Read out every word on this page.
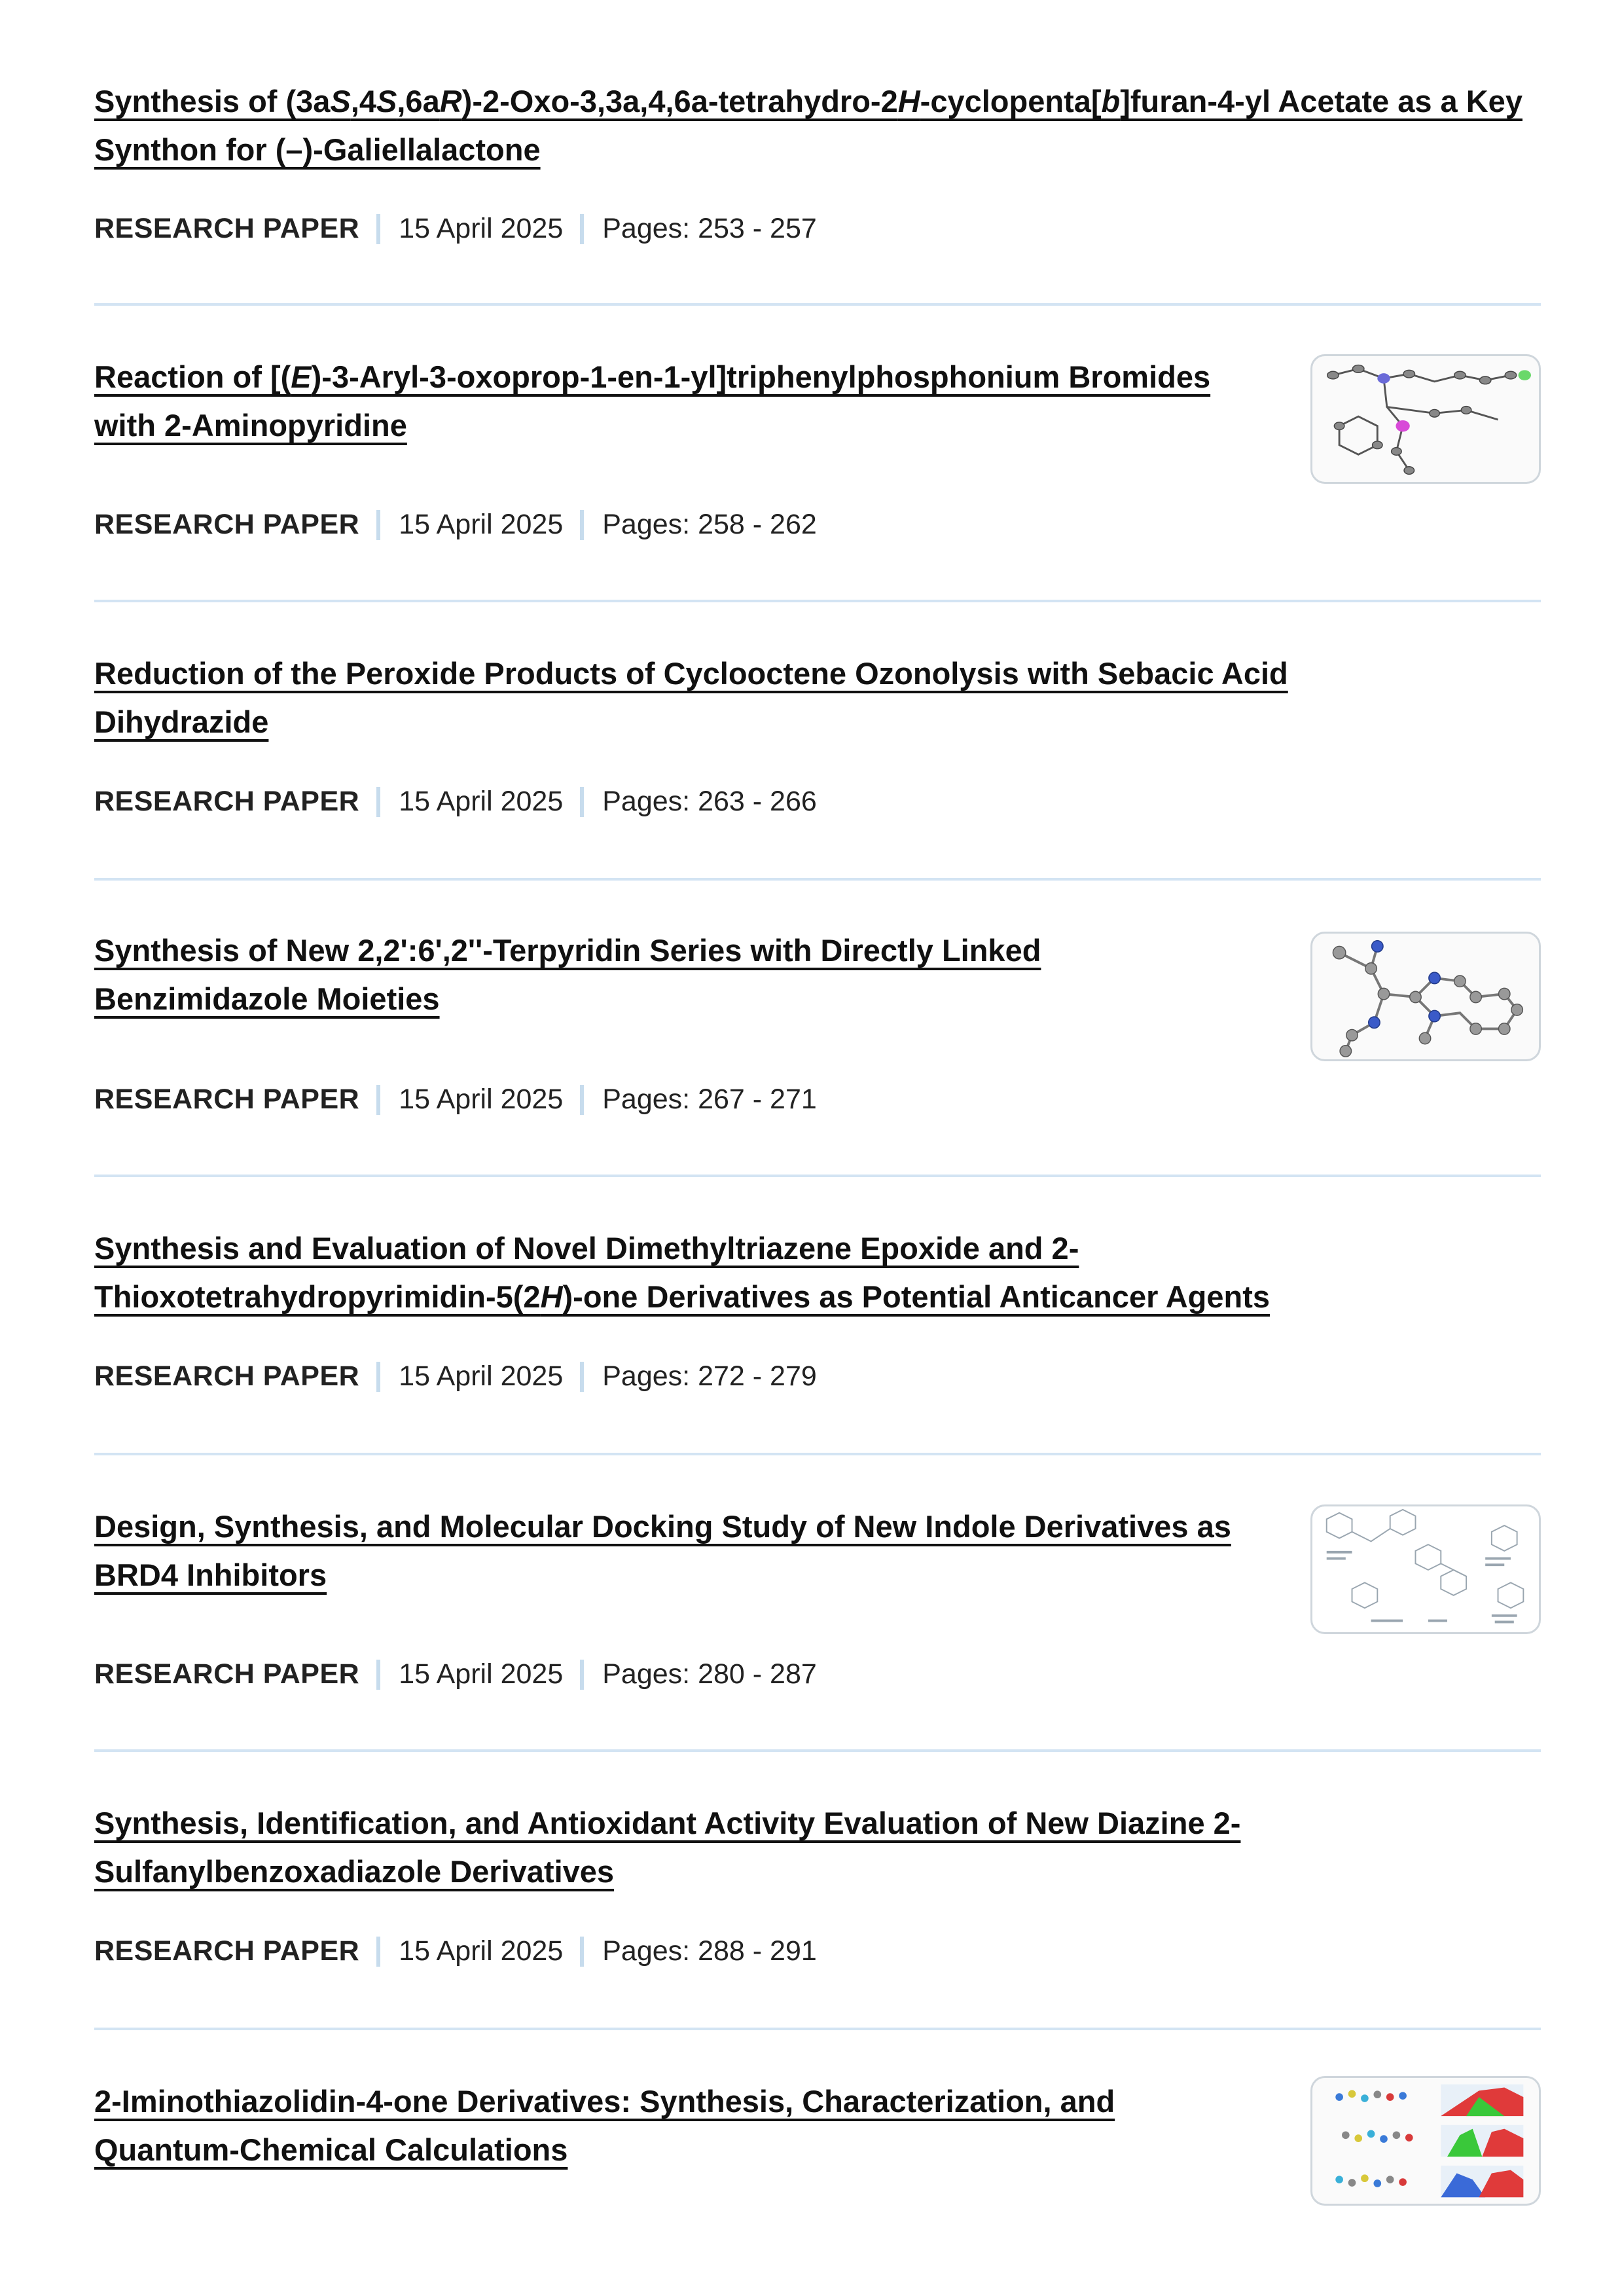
Synthesis of (3aS,4S,6aR)-2-Oxo-3,3a,4,6a-tetrahydro-2H-cyclopenta[b]furan-4-yl Acetate as a Key Synthon for (–)-Galiellalactone
RESEARCH PAPER 15 April 2025 Pages: 253 - 257
Reaction of [(E)-3-Aryl-3-oxoprop-1-en-1-yl]triphenylphosphonium Bromides with 2-Aminopyridine
RESEARCH PAPER 15 April 2025 Pages: 258 - 262
Reduction of the Peroxide Products of Cyclooctene Ozonolysis with Sebacic Acid Dihydrazide
RESEARCH PAPER 15 April 2025 Pages: 263 - 266
Synthesis of New 2,2':6',2''-Terpyridin Series with Directly Linked Benzimidazole Moieties
RESEARCH PAPER 15 April 2025 Pages: 267 - 271
Synthesis and Evaluation of Novel Dimethyltriazene Epoxide and 2-Thioxotetrahydropyrimidin-5(2H)-one Derivatives as Potential Anticancer Agents
RESEARCH PAPER 15 April 2025 Pages: 272 - 279
Design, Synthesis, and Molecular Docking Study of New Indole Derivatives as BRD4 Inhibitors
RESEARCH PAPER 15 April 2025 Pages: 280 - 287
Synthesis, Identification, and Antioxidant Activity Evaluation of New Diazine 2-Sulfanylbenzoxadiazole Derivatives
RESEARCH PAPER 15 April 2025 Pages: 288 - 291
2-Iminothiazolidin-4-one Derivatives: Synthesis, Characterization, and Quantum-Chemical Calculations
